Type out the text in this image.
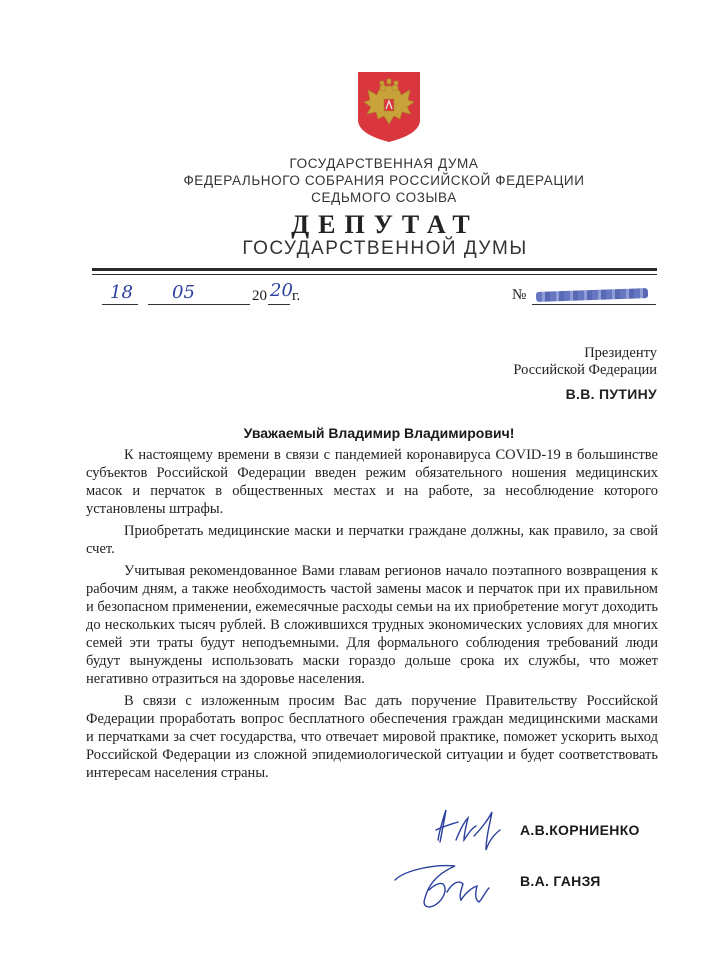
ГОСУДАРСТВЕННАЯ ДУМА
ФЕДЕРАЛЬНОГО СОБРАНИЯ РОССИЙСКОЙ ФЕДЕРАЦИИ
СЕДЬМОГО СОЗЫВА
ДЕПУТАТ
ГОСУДАРСТВЕННОЙ ДУМЫ
18 05	20 20 г.	№
Президенту
Российской Федерации
В.В. ПУТИНУ
Уважаемый Владимир Владимирович!

К настоящему времени в связи с пандемией коронавируса COVID-19 в большинстве субъектов Российской Федерации введен режим обязательного ношения медицинских масок и перчаток в общественных местах и на работе, за несоблюдение которого установлены штрафы.

Приобретать медицинские маски и перчатки граждане должны, как правило, за свой счет.

Учитывая рекомендованное Вами главам регионов начало поэтапного возвращения к рабочим дням, а также необходимость частой замены масок и перчаток при их правильном и безопасном применении, ежемесячные расходы семьи на их приобретение могут доходить до нескольких тысяч рублей. В сложившихся трудных экономических условиях для многих семей эти траты будут неподъемными. Для формального соблюдения требований люди будут вынуждены использовать маски гораздо дольше срока их службы, что может негативно отразиться на здоровье населения.

В связи с изложенным просим Вас дать поручение Правительству Российской Федерации проработать вопрос бесплатного обеспечения граждан медицинскими масками и перчатками за счет государства, что отвечает мировой практике, поможет ускорить выход Российской Федерации из сложной эпидемиологической ситуации и будет соответствовать интересам населения страны.

А.В.КОРНИЕНКО
В.А. ГАНЗЯ
